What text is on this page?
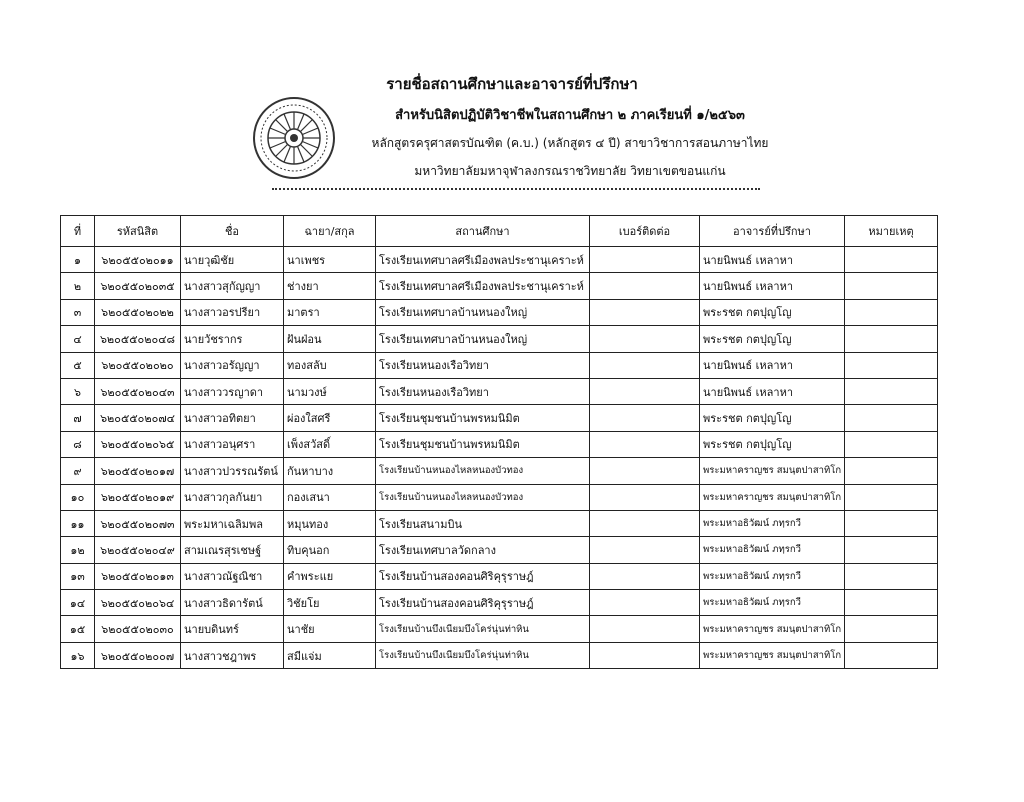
รายชื่อสถานศึกษาและอาจารย์ที่ปรึกษา
สำหรับนิสิตปฏิบัติวิชาชีพในสถานศึกษา ๒ ภาคเรียนที่ ๑/๒๕๖๓
หลักสูตรครุศาสตรบัณฑิต (ค.บ.) (หลักสูตร ๔ ปี) สาขาวิชาการสอนภาษาไทย
มหาวิทยาลัยมหาจุฬาลงกรณราชวิทยาลัย วิทยาเขตขอนแก่น
ที่	รหัสนิสิต	ชื่อ	ฉายา/สกุล	สถานศึกษา	เบอร์ติดต่อ	อาจารย์ที่ปรึกษา	หมายเหตุ
๑	๖๒๐๕๕๐๒๐๑๑	นายวุฒิชัย	นาเพชร	โรงเรียนเทศบาลศรีเมืองพลประชานุเคราะห์		นายนิพนธ์ เหลาหา	
๒	๖๒๐๕๕๐๒๐๓๕	นางสาวสุกัญญา	ช่างยา	โรงเรียนเทศบาลศรีเมืองพลประชานุเคราะห์		นายนิพนธ์ เหลาหา	
๓	๖๒๐๕๕๐๒๐๒๒	นางสาวอรปรียา	มาตรา	โรงเรียนเทศบาลบ้านหนองใหญ่		พระรชต กตปุญโญ	
๔	๖๒๐๕๕๐๒๐๔๘	นายวัชรากร	ฝันฝ่อน	โรงเรียนเทศบาลบ้านหนองใหญ่		พระรชต กตปุญโญ	
๕	๖๒๐๕๕๐๒๐๒๐	นางสาวอรัญญา	ทองสลับ	โรงเรียนหนองเรือวิทยา		นายนิพนธ์ เหลาหา	
๖	๖๒๐๕๕๐๒๐๔๓	นางสาววรญาดา	นามวงษ์	โรงเรียนหนองเรือวิทยา		นายนิพนธ์ เหลาหา	
๗	๖๒๐๕๕๐๒๐๗๔	นางสาวอทิตยา	ผ่องใสศรี	โรงเรียนชุมชนบ้านพรหมนิมิต		พระรชต กตปุญโญ	
๘	๖๒๐๕๕๐๒๐๖๕	นางสาวอนุศรา	เพ็งสวัสดิ์	โรงเรียนชุมชนบ้านพรหมนิมิต		พระรชต กตปุญโญ	
๙	๖๒๐๕๕๐๒๐๑๗	นางสาวปวรรณรัตน์	กันหาบาง	โรงเรียนบ้านหนองไหลหนองบัวทอง		พระมหาคราญชร สมนฺตปาสาทิโก	
๑๐	๖๒๐๕๕๐๒๐๑๙	นางสาวกุลกันยา	กองเสนา	โรงเรียนบ้านหนองไหลหนองบัวทอง		พระมหาคราญชร สมนฺตปาสาทิโก	
๑๑	๖๒๐๕๕๐๒๐๗๓	พระมหาเฉลิมพล	หมุนทอง	โรงเรียนสนามบิน		พระมหาอธิวัฒน์ ภทฺรกวี	
๑๒	๖๒๐๕๕๐๒๐๔๙	สามเณรสุรเชษฐ์	ทิบคุนอก	โรงเรียนเทศบาลวัดกลาง		พระมหาอธิวัฒน์ ภทฺรกวี	
๑๓	๖๒๐๕๕๐๒๐๑๓	นางสาวณัฐณิชา	คำพระแย	โรงเรียนบ้านสองคอนศิริคุรุราษฎ์		พระมหาอธิวัฒน์ ภทฺรกวี	
๑๔	๖๒๐๕๕๐๒๐๖๔	นางสาวธิดารัตน์	วิชัยโย	โรงเรียนบ้านสองคอนศิริคุรุราษฎ์		พระมหาอธิวัฒน์ ภทฺรกวี	
๑๕	๖๒๐๕๕๐๒๐๓๐	นายบดินทร์	นาชัย	โรงเรียนบ้านบึงเนียมบึงโคร่นุ่นท่าหิน		พระมหาคราญชร สมนฺตปาสาทิโก	
๑๖	๖๒๐๕๕๐๒๐๐๗	นางสาวชฎาพร	สมีแจ่ม	โรงเรียนบ้านบึงเนียมบึงโคร่นุ่นท่าหิน		พระมหาคราญชร สมนฺตปาสาทิโก	
